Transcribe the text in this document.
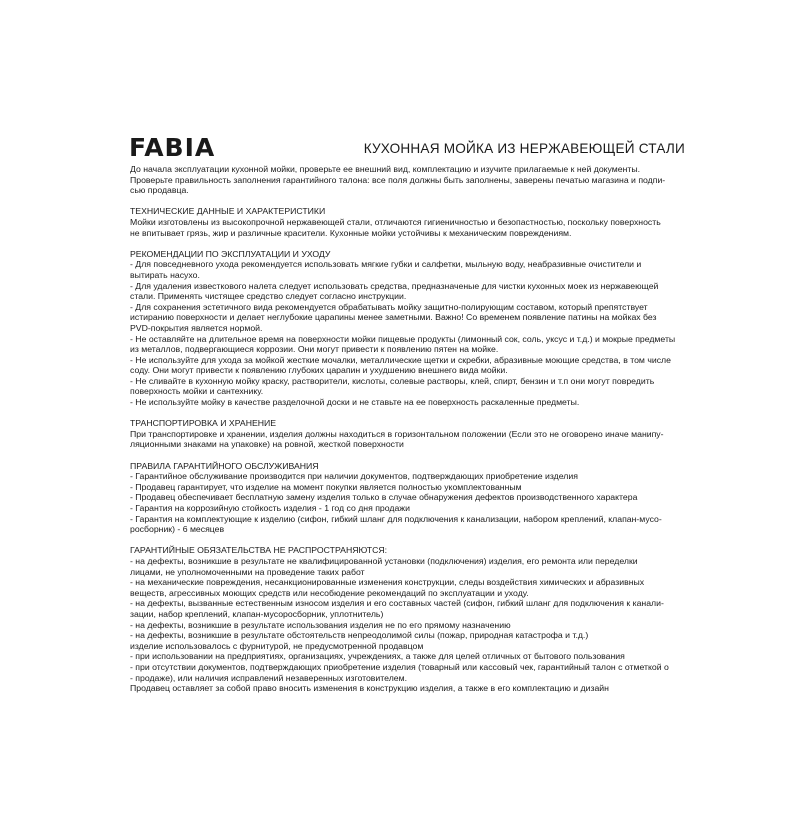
FABIA	КУХОННАЯ МОЙКА ИЗ НЕРЖАВЕЮЩЕЙ СТАЛИ
До начала эксплуатации кухонной мойки, проверьте ее внешний вид, комплектацию и изучите прилагаемые к ней документы.
Проверьте правильность заполнения гарантийного талона: все поля должны быть заполнены, заверены печатью магазина и подпи-
сью продавца.
ТЕХНИЧЕСКИЕ ДАННЫЕ И ХАРАКТЕРИСТИКИ
Мойки изготовлены из высокопрочной нержавеющей стали, отличаются гигиеничностью и безопастностью, поскольку поверхность
не впитывает грязь, жир и различные красители. Кухонные мойки устойчивы к механическим повреждениям.
РЕКОМЕНДАЦИИ ПО ЭКСПЛУАТАЦИИ И УХОДУ
- Для повседневного ухода рекомендуется использовать мягкие губки и салфетки, мыльную воду, неабразивные очистители и
вытирать насухо.
- Для удаления известкового налета следует использовать средства, предназначеные для чистки кухонных моек из нержавеющей
стали. Применять чистящее средство следует согласно инструкции.
- Для сохранения эстетичного вида рекомендуется обрабатывать мойку защитно-полирующим составом, который препятствует
истиранию поверхности и делает неглубокие царапины менее заметными. Важно! Со временем появление патины на мойках без
PVD-покрытия является нормой.
- Не оставляйте на длительное время на поверхности мойки пищевые продукты (лимонный сок, соль, уксус и т.д.) и мокрые предметы
из металлов, подвергающиеся коррозии. Они могут привести к появлению пятен на мойке.
- Не используйте для ухода за мойкой жесткие мочалки, металлические щетки и скребки, абразивные моющие средства, в том числе
соду. Они могут привести к появлению глубоких царапин и ухудшению внешнего вида мойки.
- Не сливайте в кухонную мойку краску, растворители, кислоты, солевые растворы, клей, спирт, бензин и т.п они могут повредить
поверхность мойки и сантехнику.
- Не используйте мойку в качестве разделочной доски и не ставьте на ее поверхность раскаленные предметы.
ТРАНСПОРТИРОВКА И ХРАНЕНИЕ
При транспортировке и хранении, изделия должны находиться в горизонтальном положении (Если это не оговорено иначе манипу-
ляционными знаками на упаковке) на ровной, жесткой поверхности
ПРАВИЛА ГАРАНТИЙНОГО ОБСЛУЖИВАНИЯ
- Гарантийное обслуживание производится при наличии документов, подтверждающих приобретение изделия
- Продавец гарантирует, что изделие на момент покупки является полностью укомплектованным
- Продавец обеспечивает бесплатную замену изделия только в случае обнаружения дефектов производственного характера
- Гарантия на коррозийную стойкость изделия - 1 год со дня продажи
- Гарантия на комплектующие к изделию (сифон, гибкий шланг для подключения к канализации, набором креплений, клапан-мусо-
росборник) - 6 месяцев
ГАРАНТИЙНЫЕ ОБЯЗАТЕЛЬСТВА НЕ РАСПРОСТРАНЯЮТСЯ:
- на дефекты, возникшие в результате не квалифицированной установки (подключения) изделия, его ремонта или переделки
лицами, не уполномоченными на проведение таких работ
- на механические повреждения, несанкционированные изменения конструкции, следы воздействия химических и абразивных
веществ, агрессивных моющих средств или несобюдение рекомендаций по эксплуатации и уходу.
- на дефекты, вызванные естественным износом изделия и его составных частей (сифон, гибкий шланг для подключения к канали-
зации, набор креплений, клапан-мусоросборник, уплотнитель)
- на дефекты, возникшие в результате использования изделия не по его прямому назначению
- на дефекты, возникшие в результате обстоятельств непреодолимой силы (пожар, природная катастрофа и т.д.)
изделие использовалось с фурнитурой, не предусмотренной продавцом
- при использовании на предприятиях, организациях, учреждениях, а также для целей отличных от бытового пользования
- при отсутствии документов, подтверждающих приобретение изделия (товарный или кассовый чек, гарантийный талон с отметкой о
- продаже), или наличия исправлений незаверенных изготовителем.
Продавец оставляет за собой право вносить изменения в конструкцию изделия, а также в его комплектацию и дизайн
